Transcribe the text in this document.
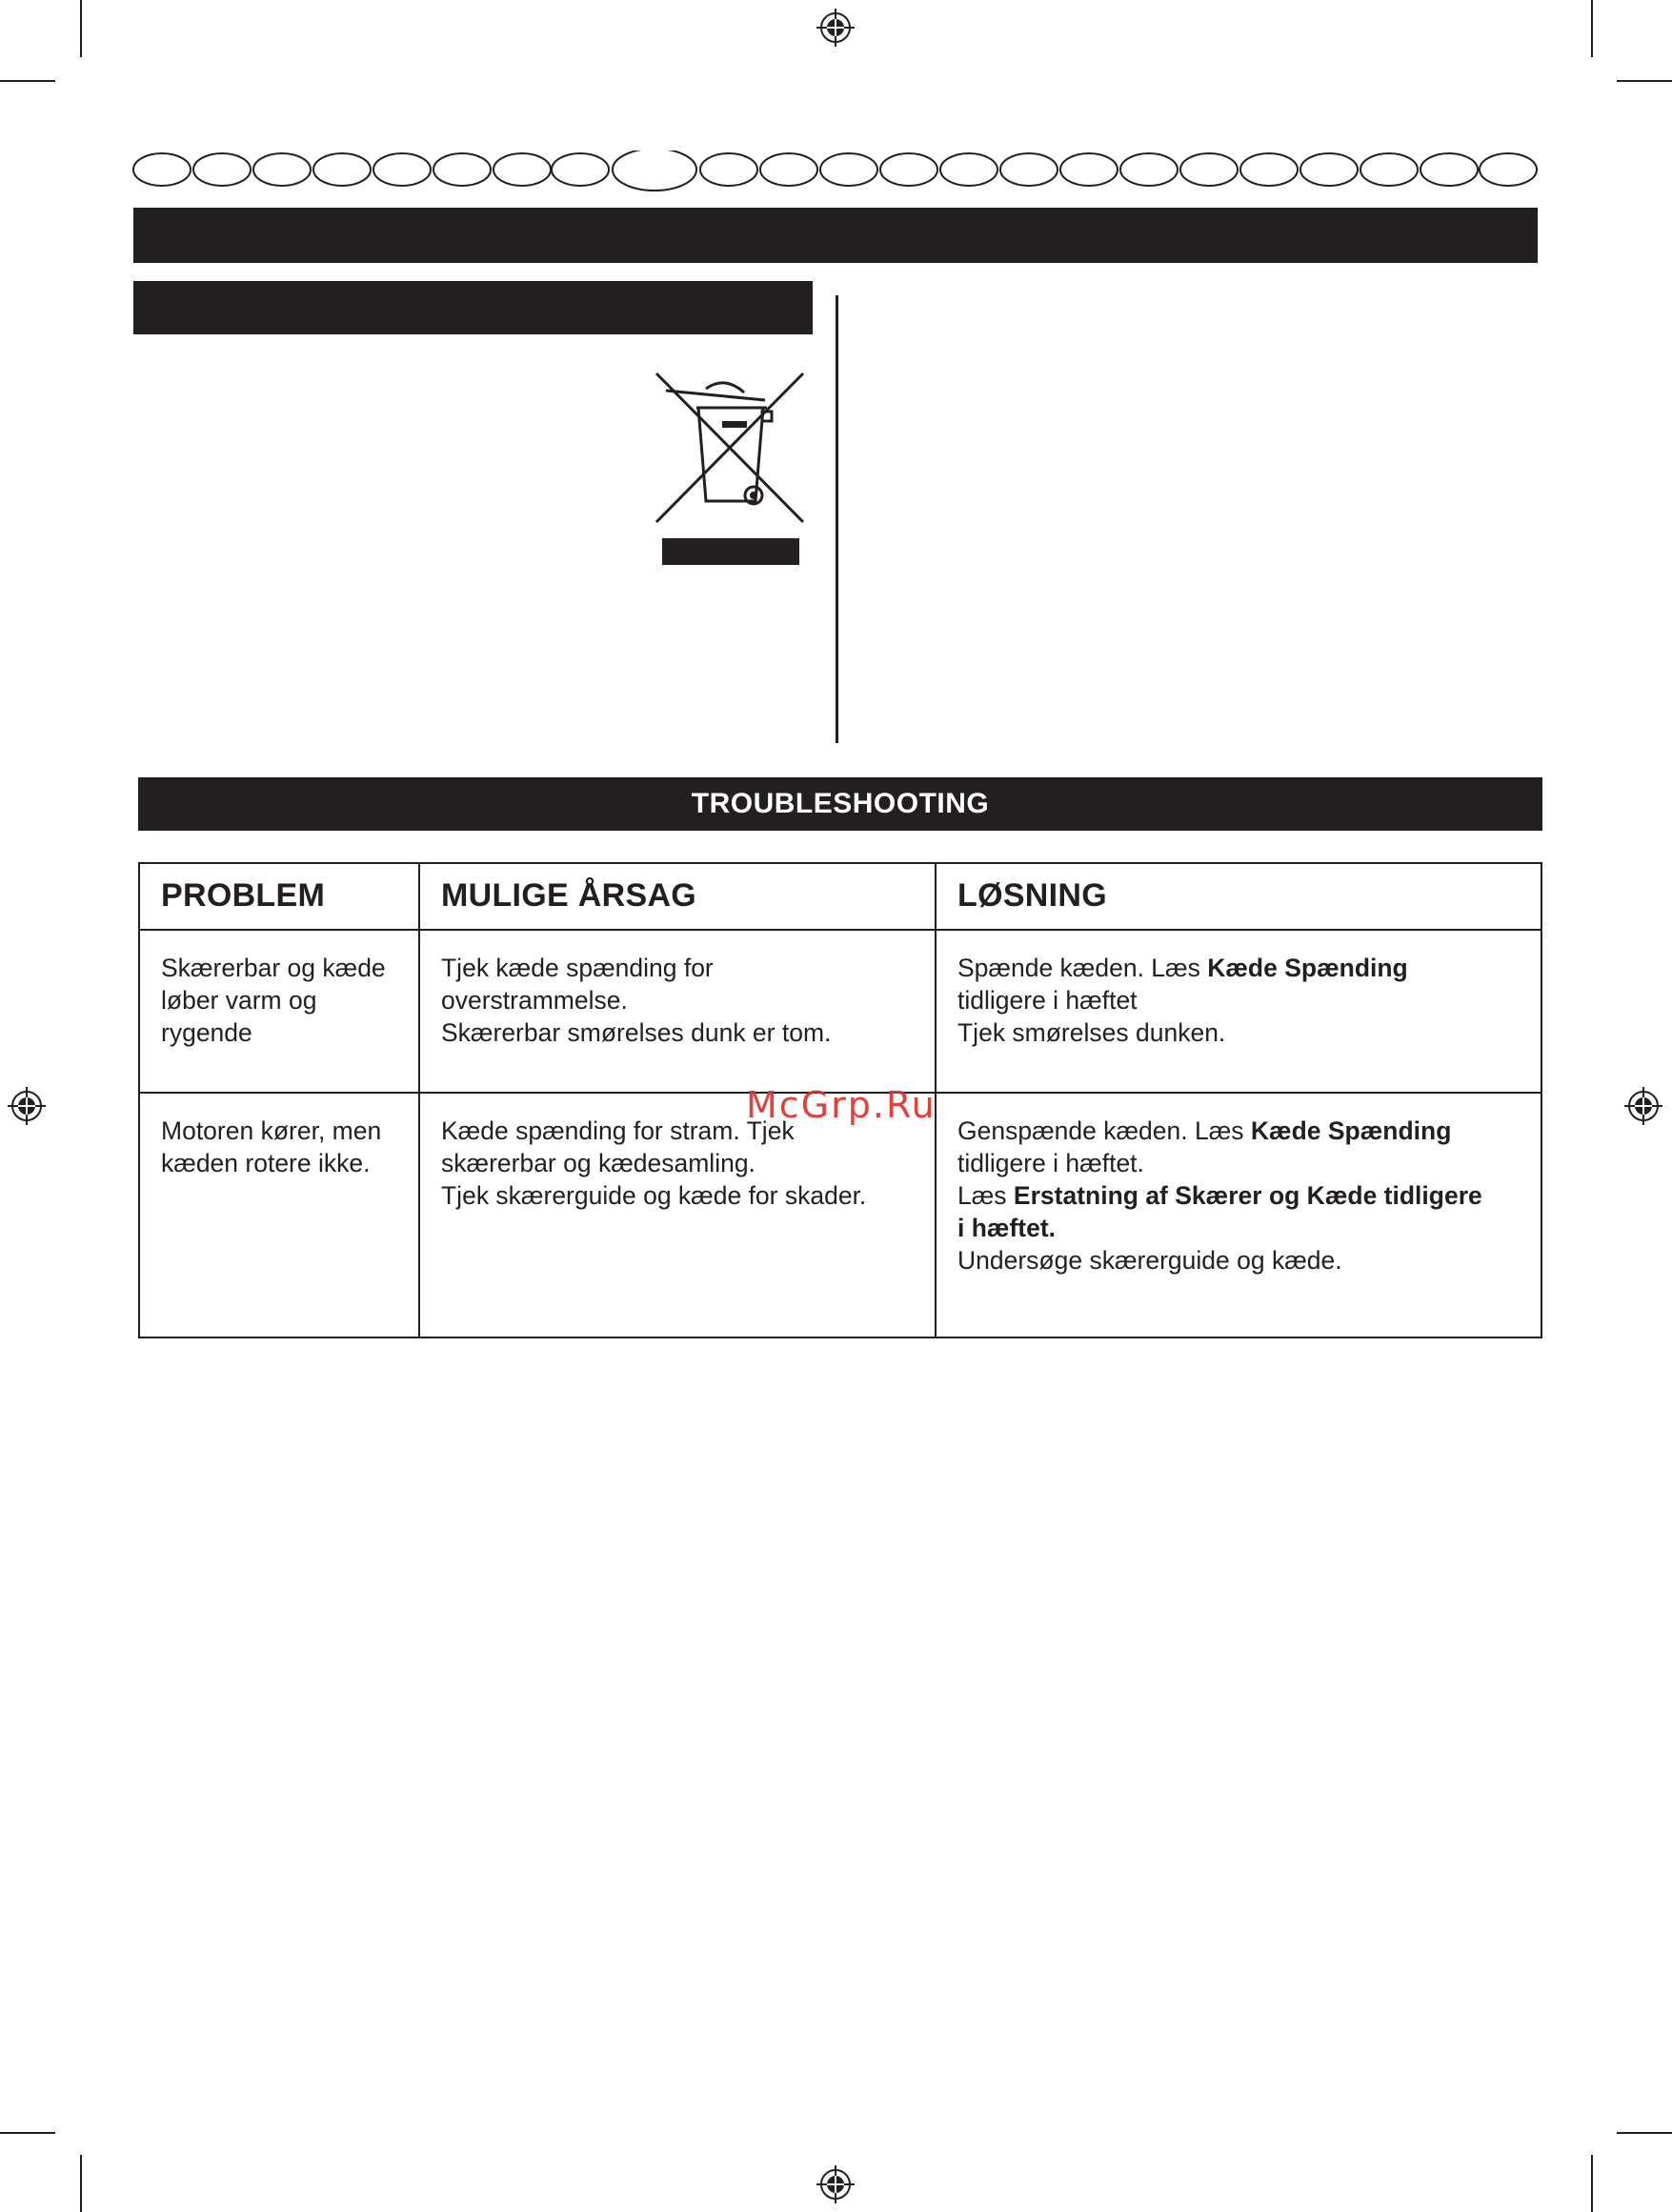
TROUBLESHOOTING
PROBLEM	MULIGE ÅRSAG	LØSNING
Skærerbar og kæde
løber varm og
rygende
Tjek kæde spænding for
overstrammelse.
Skærerbar smørelses dunk er tom.
Spænde kæden. Læs Kæde Spænding
tidligere i hæftet
Tjek smørelses dunken.
Motoren kører, men
kæden rotere ikke.
Kæde spænding for stram. Tjek
skærerbar og kædesamling.
Tjek skærerguide og kæde for skader.
Genspænde kæden. Læs Kæde Spænding
tidligere i hæftet.
Læs Erstatning af Skærer og Kæde tidligere
i hæftet.
Undersøge skærerguide og kæde.
McGrp.Ru
